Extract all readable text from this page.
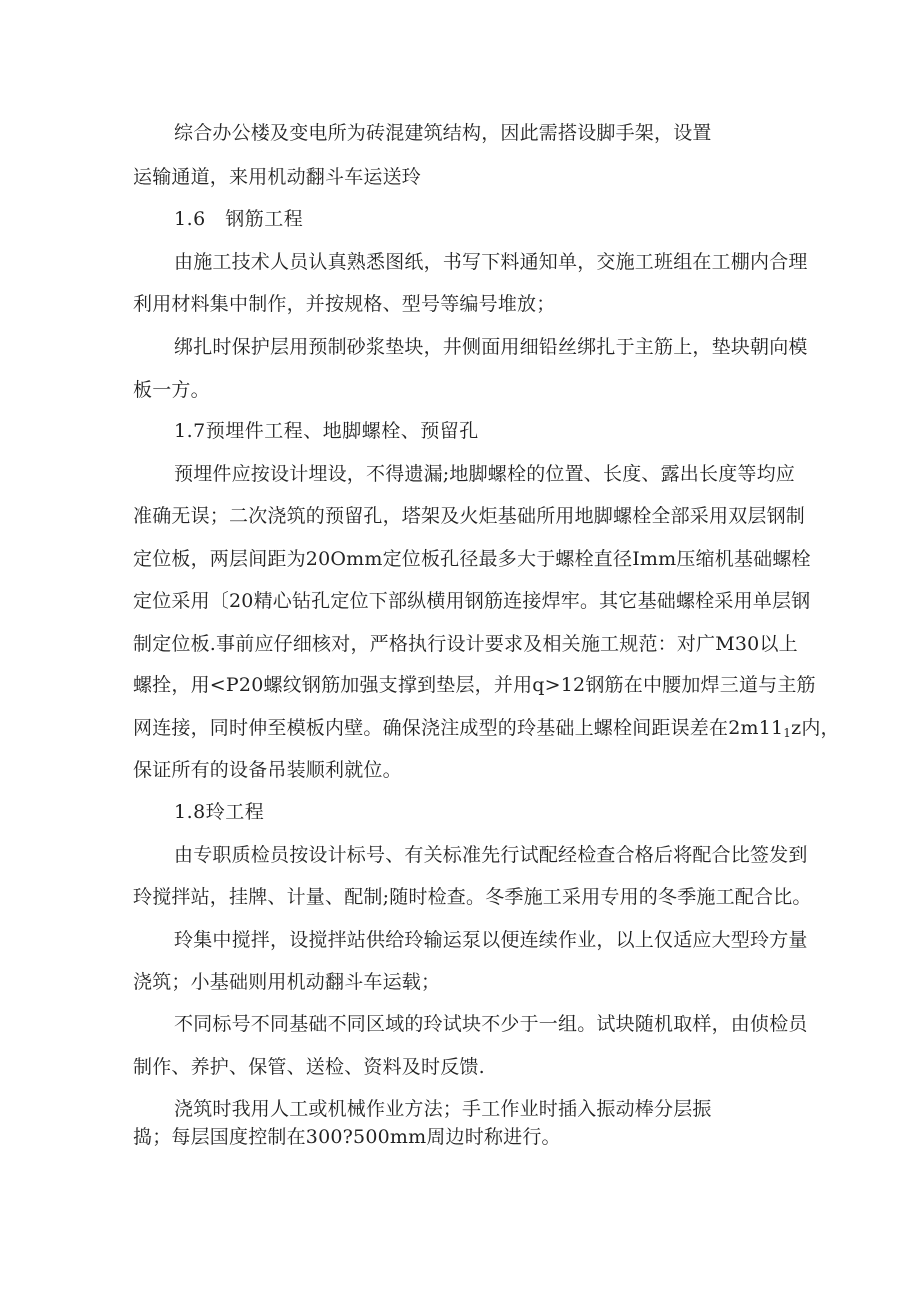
综合办公楼及变电所为砖混建筑结构，因此需搭设脚手架，设置
运输通道，来用机动翻斗车运送玲
1.6　钢筋工程
由施工技术人员认真熟悉图纸，书写下料通知单，交施工班组在工棚内合理
利用材料集中制作，并按规格、型号等编号堆放；
绑扎时保护层用预制砂浆垫块，井侧面用细铅丝绑扎于主筋上，垫块朝向模
板一方。
1.7预埋件工程、地脚螺栓、预留孔
预埋件应按设计埋设，不得遗漏;地脚螺栓的位置、长度、露出长度等均应
准确无误；二次浇筑的预留孔，塔架及火炬基础所用地脚螺栓全部采用双层钢制
定位板，两层间距为20Omm定位板孔径最多大于螺栓直径Imm压缩机基础螺栓
定位采用〔20精心钻孔定位下部纵横用钢筋连接焊牢。其它基础螺栓采用单层钢
制定位板.事前应仔细核对，严格执行设计要求及相关施工规范：对广M30以上
螺拴，用<P20螺纹钢筋加强支撑到垫层，并用q>12钢筋在中腰加焊三道与主筋
网连接，同时伸至模板内壁。确保浇注成型的玲基础上螺栓间距误差在$2m11_1z$内，
保证所有的设备吊装顺利就位。
1.8玲工程
由专职质检员按设计标号、有关标准先行试配经检查合格后将配合比签发到
玲搅拌站，挂牌、计量、配制;随时检查。冬季施工采用专用的冬季施工配合比。
玲集中搅拌，设搅拌站供给玲输运泵以便连续作业，以上仅适应大型玲方量
浇筑；小基础则用机动翻斗车运载；
不同标号不同基础不同区域的玲试块不少于一组。试块随机取样，由侦检员
制作、养护、保管、送检、资料及时反馈.
浇筑时我用人工或机械作业方法；手工作业时插入振动棒分层振
捣；每层国度控制在300?500mm周边时称进行。
